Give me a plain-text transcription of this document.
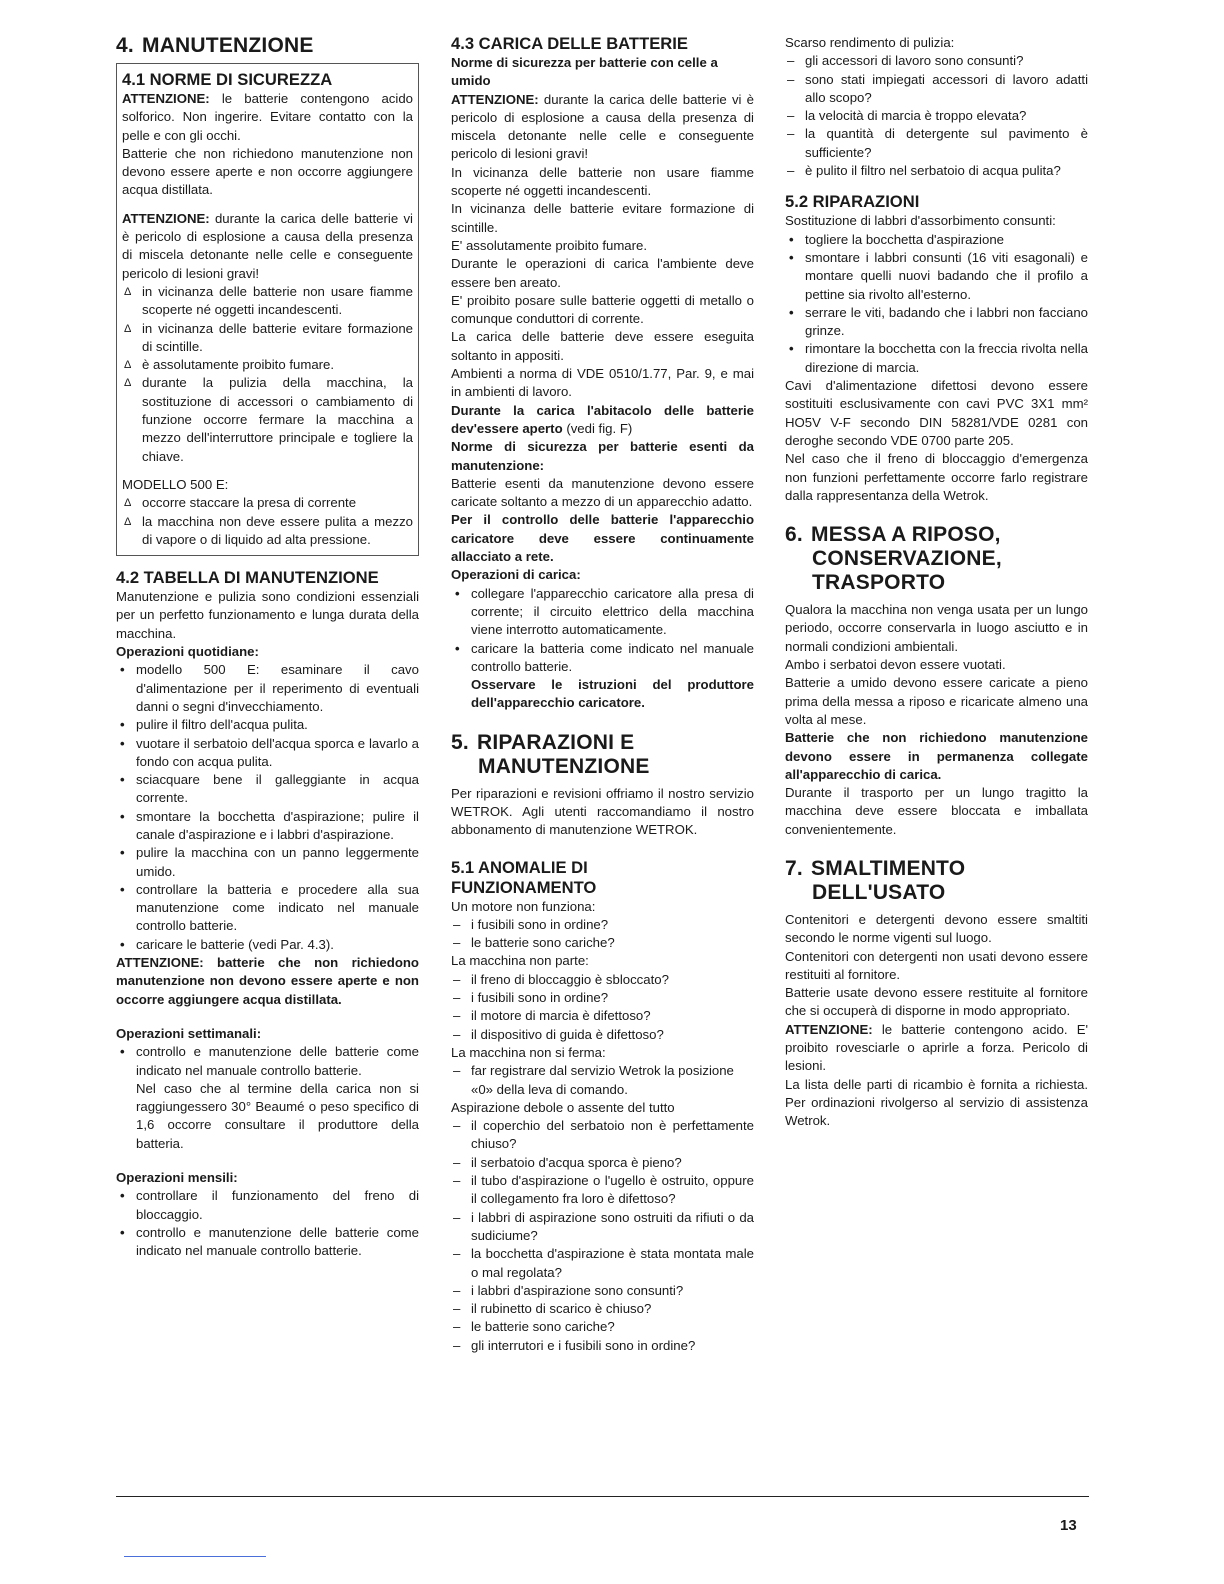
4. MANUTENZIONE
4.1 NORME DI SICUREZZA

ATTENZIONE: le batterie contengono acido solforico. Non ingerire. Evitare contatto con la pelle e con gli occhi.

Batterie che non richiedono manutenzione non devono essere aperte e non occorre aggiungere acqua distillata.

ATTENZIONE: durante la carica delle batterie vi è pericolo di esplosione a causa della presenza di miscela detonante nelle celle e conseguente pericolo di lesioni gravi!

Δ in vicinanza delle batterie non usare fiamme scoperte né oggetti incandescenti.
Δ in vicinanza delle batterie evitare formazione di scintille.
Δ è assolutamente proibito fumare.
Δ durante la pulizia della macchina, la sostituzione di accessori o cambiamento di funzione occorre fermare la macchina a mezzo dell'interruttore principale e togliere la chiave.

MODELLO 500 E:

Δ occorre staccare la presa di corrente
Δ la macchina non deve essere pulita a mezzo di vapore o di liquido ad alta pressione.
4.2 TABELLA DI MANUTENZIONE

Manutenzione e pulizia sono condizioni essenziali per un perfetto funzionamento e lunga durata della macchina.

Operazioni quotidiane:

• modello 500 E: esaminare il cavo d'alimentazione per il reperimento di eventuali danni o segni d'invecchiamento.
• pulire il filtro dell'acqua pulita.
• vuotare il serbatoio dell'acqua sporca e lavarlo a fondo con acqua pulita.
• sciacquare bene il galleggiante in acqua corrente.
• smontare la bocchetta d'aspirazione; pulire il canale d'aspirazione e i labbri d'aspirazione.
• pulire la macchina con un panno leggermente umido.
• controllare la batteria e procedere alla sua manutenzione come indicato nel manuale controllo batterie.
• caricare le batterie (vedi Par. 4.3).

ATTENZIONE: batterie che non richiedono manutenzione non devono essere aperte e non occorre aggiungere acqua distillata.

Operazioni settimanali:

• controllo e manutenzione delle batterie come indicato nel manuale controllo batterie.
Nel caso che al termine della carica non si raggiungessero 30° Beaumé o peso specifico di 1,6 occorre consultare il produttore della batteria.

Operazioni mensili:

• controllare il funzionamento del freno di bloccaggio.
• controllo e manutenzione delle batterie come indicato nel manuale controllo batterie.
4.3 CARICA DELLE BATTERIE

Norme di sicurezza per batterie con celle a umido

ATTENZIONE: durante la carica delle batterie vi è pericolo di esplosione a causa della presenza di miscela detonante nelle celle e conseguente pericolo di lesioni gravi!

In vicinanza delle batterie non usare fiamme scoperte né oggetti incandescenti.

In vicinanza delle batterie evitare formazione di scintille.

E' assolutamente proibito fumare.

Durante le operazioni di carica l'ambiente deve essere ben areato.

E' proibito posare sulle batterie oggetti di metallo o comunque conduttori di corrente.

La carica delle batterie deve essere eseguita soltanto in appositi.

Ambienti a norma di VDE 0510/1.77, Par. 9, e mai in ambienti di lavoro.

Durante la carica l'abitacolo delle batterie dev'essere aperto (vedi fig. F)

Norme di sicurezza per batterie esenti da manutenzione:

Batterie esenti da manutenzione devono essere caricate soltanto a mezzo di un apparecchio adatto.

Per il controllo delle batterie l'apparecchio caricatore deve essere continuamente allacciato a rete.

Operazioni di carica:

• collegare l'apparecchio caricatore alla presa di corrente; il circuito elettrico della macchina viene interrotto automaticamente.
• caricare la batteria come indicato nel manuale controllo batterie.
Osservare le istruzioni del produttore dell'apparecchio caricatore.
5. RIPARAZIONI E
MANUTENZIONE

Per riparazioni e revisioni offriamo il nostro servizio WETROK. Agli utenti raccomandiamo il nostro abbonamento di manutenzione WETROK.

5.1 ANOMALIE DI
FUNZIONAMENTO

Un motore non funziona:

– i fusibili sono in ordine?
– le batterie sono cariche?

La macchina non parte:

– il freno di bloccaggio è sbloccato?
– i fusibili sono in ordine?
– il motore di marcia è difettoso?
– il dispositivo di guida è difettoso?

La macchina non si ferma:

– far registrare dal servizio Wetrok la posizione «0» della leva di comando.

Aspirazione debole o assente del tutto

– il coperchio del serbatoio non è perfettamente chiuso?
– il serbatoio d'acqua sporca è pieno?
– il tubo d'aspirazione o l'ugello è ostruito, oppure il collegamento fra loro è difettoso?
– i labbri di aspirazione sono ostruiti da rifiuti o da sudiciume?
– la bocchetta d'aspirazione è stata montata male o mal regolata?
– i labbri d'aspirazione sono consunti?
– il rubinetto di scarico è chiuso?
– le batterie sono cariche?
– gli interrutori e i fusibili sono in ordine?

Scarso rendimento di pulizia:

– gli accessori di lavoro sono consunti?
– sono stati impiegati accessori di lavoro adatti allo scopo?
– la velocità di marcia è troppo elevata?
– la quantità di detergente sul pavimento è sufficiente?
– è pulito il filtro nel serbatoio di acqua pulita?
5.2 RIPARAZIONI

Sostituzione di labbri d'assorbimento consunti:

• togliere la bocchetta d'aspirazione
• smontare i labbri consunti (16 viti esagonali) e montare quelli nuovi badando che il profilo a pettine sia rivolto all'esterno.
• serrare le viti, badando che i labbri non facciano grinze.
• rimontare la bocchetta con la freccia rivolta nella direzione di marcia.

Cavi d'alimentazione difettosi devono essere sostituiti esclusivamente con cavi PVC 3X1 mm² HO5V V-F secondo DIN 58281/VDE 0281 con deroghe secondo VDE 0700 parte 205.

Nel caso che il freno di bloccaggio d'emergenza non funzioni perfettamente occorre farlo registrare dalla rappresentanza della Wetrok.

6. MESSA A RIPOSO,
CONSERVAZIONE,
TRASPORTO

Qualora la macchina non venga usata per un lungo periodo, occorre conservarla in luogo asciutto e in normali condizioni ambientali.

Ambo i serbatoi devon essere vuotati.

Batterie a umido devono essere caricate a pieno prima della messa a riposo e ricaricate almeno una volta al mese.

Batterie che non richiedono manutenzione devono essere in permanenza collegate all'apparecchio di carica.

Durante il trasporto per un lungo tragitto la macchina deve essere bloccata e imballata convenientemente.

7. SMALTIMENTO
DELL'USATO

Contenitori e detergenti devono essere smaltiti secondo le norme vigenti sul luogo.

Contenitori con detergenti non usati devono essere restituiti al fornitore.

Batterie usate devono essere restituite al fornitore che si occuperà di disporne in modo appropriato.

ATTENZIONE: le batterie contengono acido. E' proibito rovesciarle o aprirle a forza. Pericolo di lesioni.

La lista delle parti di ricambio è fornita a richiesta. Per ordinazioni rivolgerso al servizio di assistenza Wetrok.

13
